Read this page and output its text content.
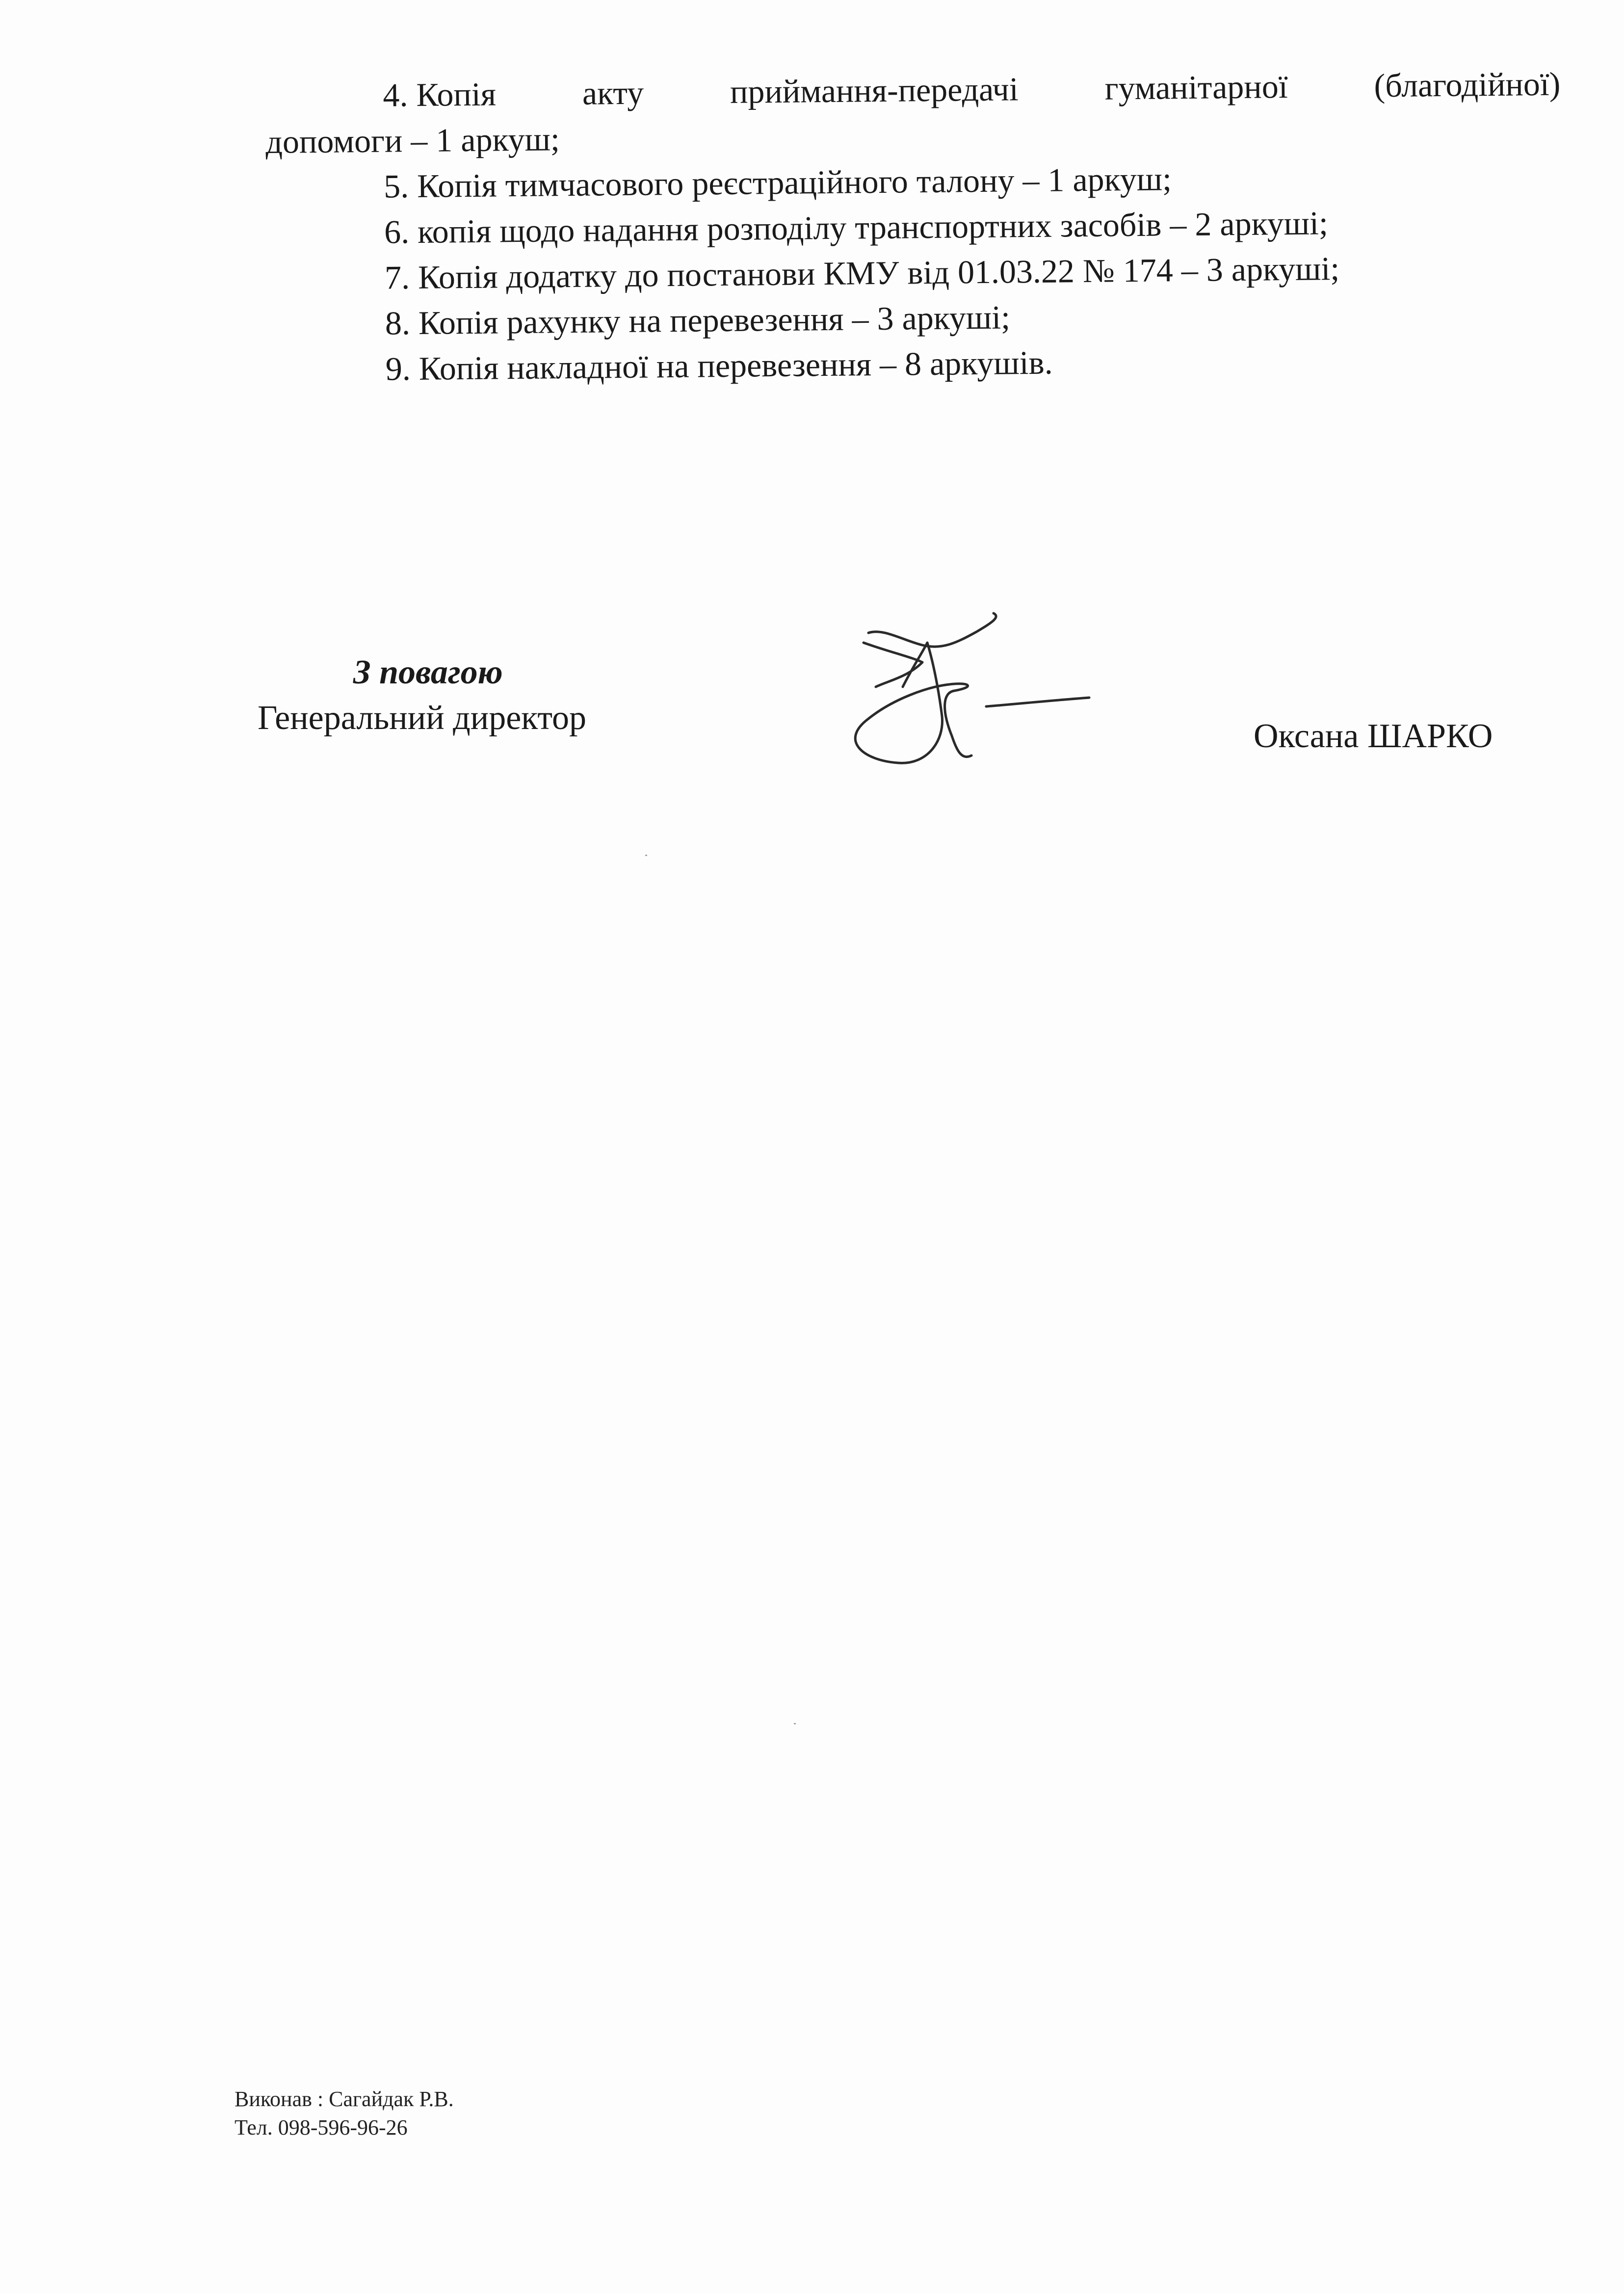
4. Копія	акту	приймання-передачі	гуманітарної	(благодійної)
допомоги – 1 аркуш;
5. Копія тимчасового реєстраційного талону – 1 аркуш;
6. копія щодо надання розподілу транспортних засобів – 2 аркуші;
7. Копія додатку до постанови КМУ від 01.03.22 № 174 – 3 аркуші;
8. Копія рахунку на перевезення – 3 аркуші;
9. Копія накладної на перевезення – 8 аркушів.
З повагою
Генеральний директор	Оксана ШАРКО
Виконав : Сагайдак Р.В.
Тел. 098-596-96-26
